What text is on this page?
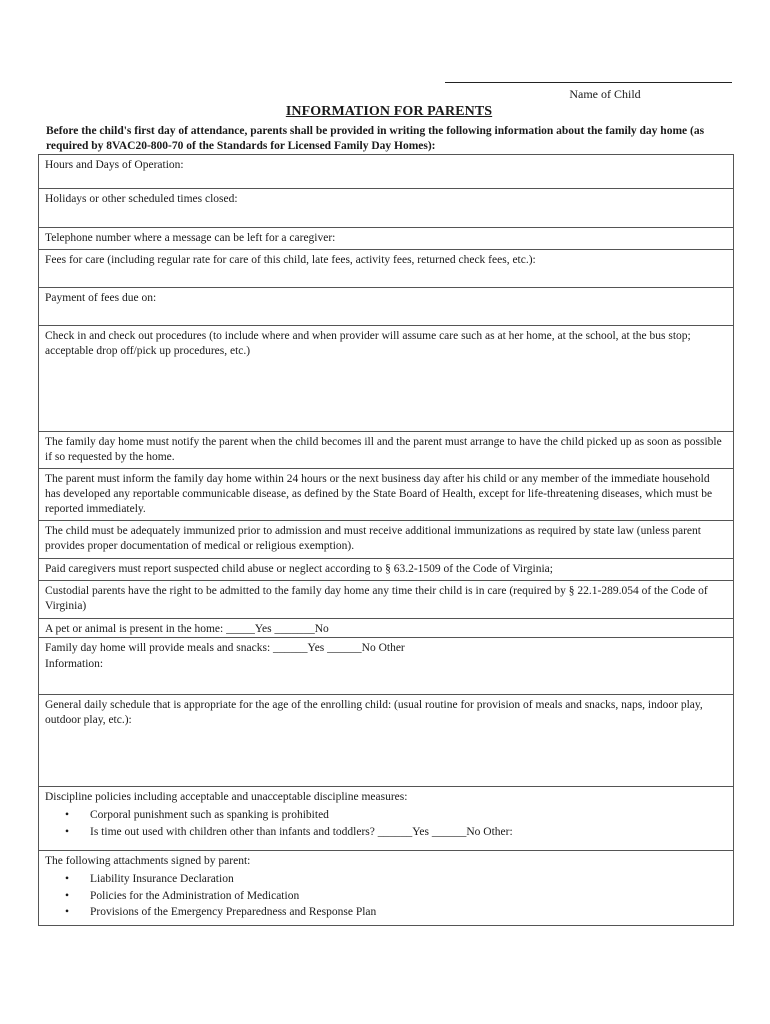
Name of Child
INFORMATION FOR PARENTS
Before the child's first day of attendance, parents shall be provided in writing the following information about the family day home (as required by 8VAC20-800-70 of the Standards for Licensed Family Day Homes):

Hours and Days of Operation:

Holidays or other scheduled times closed:

Telephone number where a message can be left for a caregiver:

Fees for care (including regular rate for care of this child, late fees, activity fees, returned check fees, etc.):

Payment of fees due on:

Check in and check out procedures (to include where and when provider will assume care such as at her home, at the school, at the bus stop; acceptable drop off/pick up procedures, etc.)

The family day home must notify the parent when the child becomes ill and the parent must arrange to have the child picked up as soon as possible if so requested by the home.

The parent must inform the family day home within 24 hours or the next business day after his child or any member of the immediate household has developed any reportable communicable disease, as defined by the State Board of Health, except for life-threatening diseases, which must be reported immediately.

The child must be adequately immunized prior to admission and must receive additional immunizations as required by state law (unless parent provides proper documentation of medical or religious exemption).

Paid caregivers must report suspected child abuse or neglect according to § 63.2-1509 of the Code of Virginia;

Custodial parents have the right to be admitted to the family day home any time their child is in care (required by § 22.1-289.054 of the Code of Virginia)

A pet or animal is present in the home: _____Yes _______No

Family day home will provide meals and snacks: ______Yes ______No Other

Information:

General daily schedule that is appropriate for the age of the enrolling child: (usual routine for provision of meals and snacks, naps, indoor play, outdoor play, etc.):

Discipline policies including acceptable and unacceptable discipline measures:

• Corporal punishment such as spanking is prohibited
• Is time out used with children other than infants and toddlers? ______Yes ______No Other:

The following attachments signed by parent:

• Liability Insurance Declaration
• Policies for the Administration of Medication
• Provisions of the Emergency Preparedness and Response Plan
